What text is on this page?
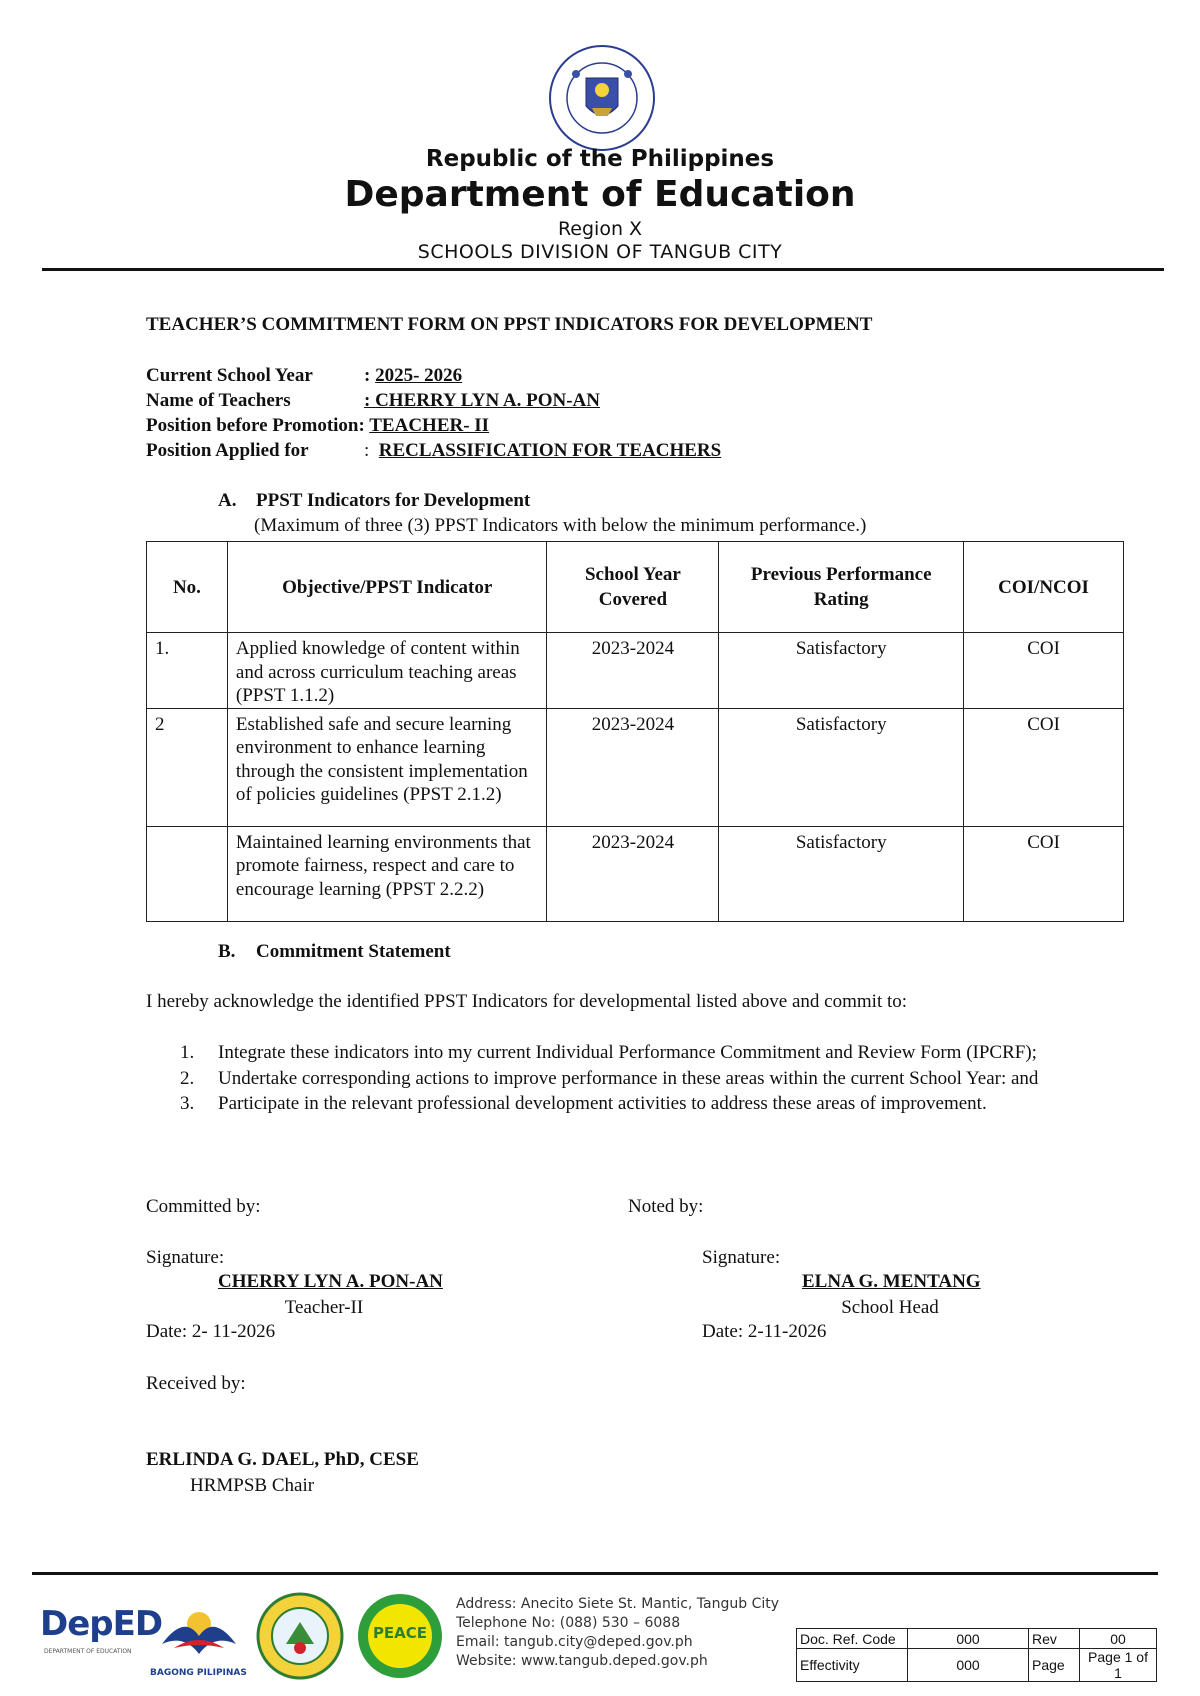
Republic of the Philippines
Department of Education
Region X
SCHOOLS DIVISION OF TANGUB CITY
TEACHER’S COMMITMENT FORM ON PPST INDICATORS FOR DEVELOPMENT
Current School Year	: 2025- 2026
Name of Teachers	: CHERRY LYN A. PON-AN
Position before Promotion: TEACHER- II
Position Applied for	:  RECLASSIFICATION FOR TEACHERS
A. PPST Indicators for Development
(Maximum of three (3) PPST Indicators with below the minimum performance.)
No.	Objective/PPST Indicator	School Year Covered	Previous Performance Rating	COI/NCOI
1.	Applied knowledge of content within and across curriculum teaching areas (PPST 1.1.2)	2023-2024	Satisfactory	COI
2	Established safe and secure learning environment to enhance learning through the consistent implementation of policies guidelines (PPST 2.1.2)	2023-2024	Satisfactory	COI
	Maintained learning environments that promote fairness, respect and care to encourage learning (PPST 2.2.2)	2023-2024	Satisfactory	COI
B. Commitment Statement
I hereby acknowledge the identified PPST Indicators for developmental listed above and commit to:
1. Integrate these indicators into my current Individual Performance Commitment and Review Form (IPCRF);
2. Undertake corresponding actions to improve performance in these areas within the current School Year: and
3. Participate in the relevant professional development activities to address these areas of improvement.
Committed by:	Noted by:
Signature:	Signature:
CHERRY LYN A. PON-AN
Teacher-II
Date: 2- 11-2026
ELNA G. MENTANG
School Head
Date: 2-11-2026
Received by:
ERLINDA G. DAEL, PhD, CESE
HRMPSB Chair
DepED
DEPARTMENT OF EDUCATION
BAGONG PILIPINAS
PEACE
Address: Anecito Siete St. Mantic, Tangub City
Telephone No: (088) 530 – 6088
Email: tangub.city@deped.gov.ph
Website: www.tangub.deped.gov.ph
Doc. Ref. Code	000	Rev	00
Effectivity	000	Page	Page 1 of 1
